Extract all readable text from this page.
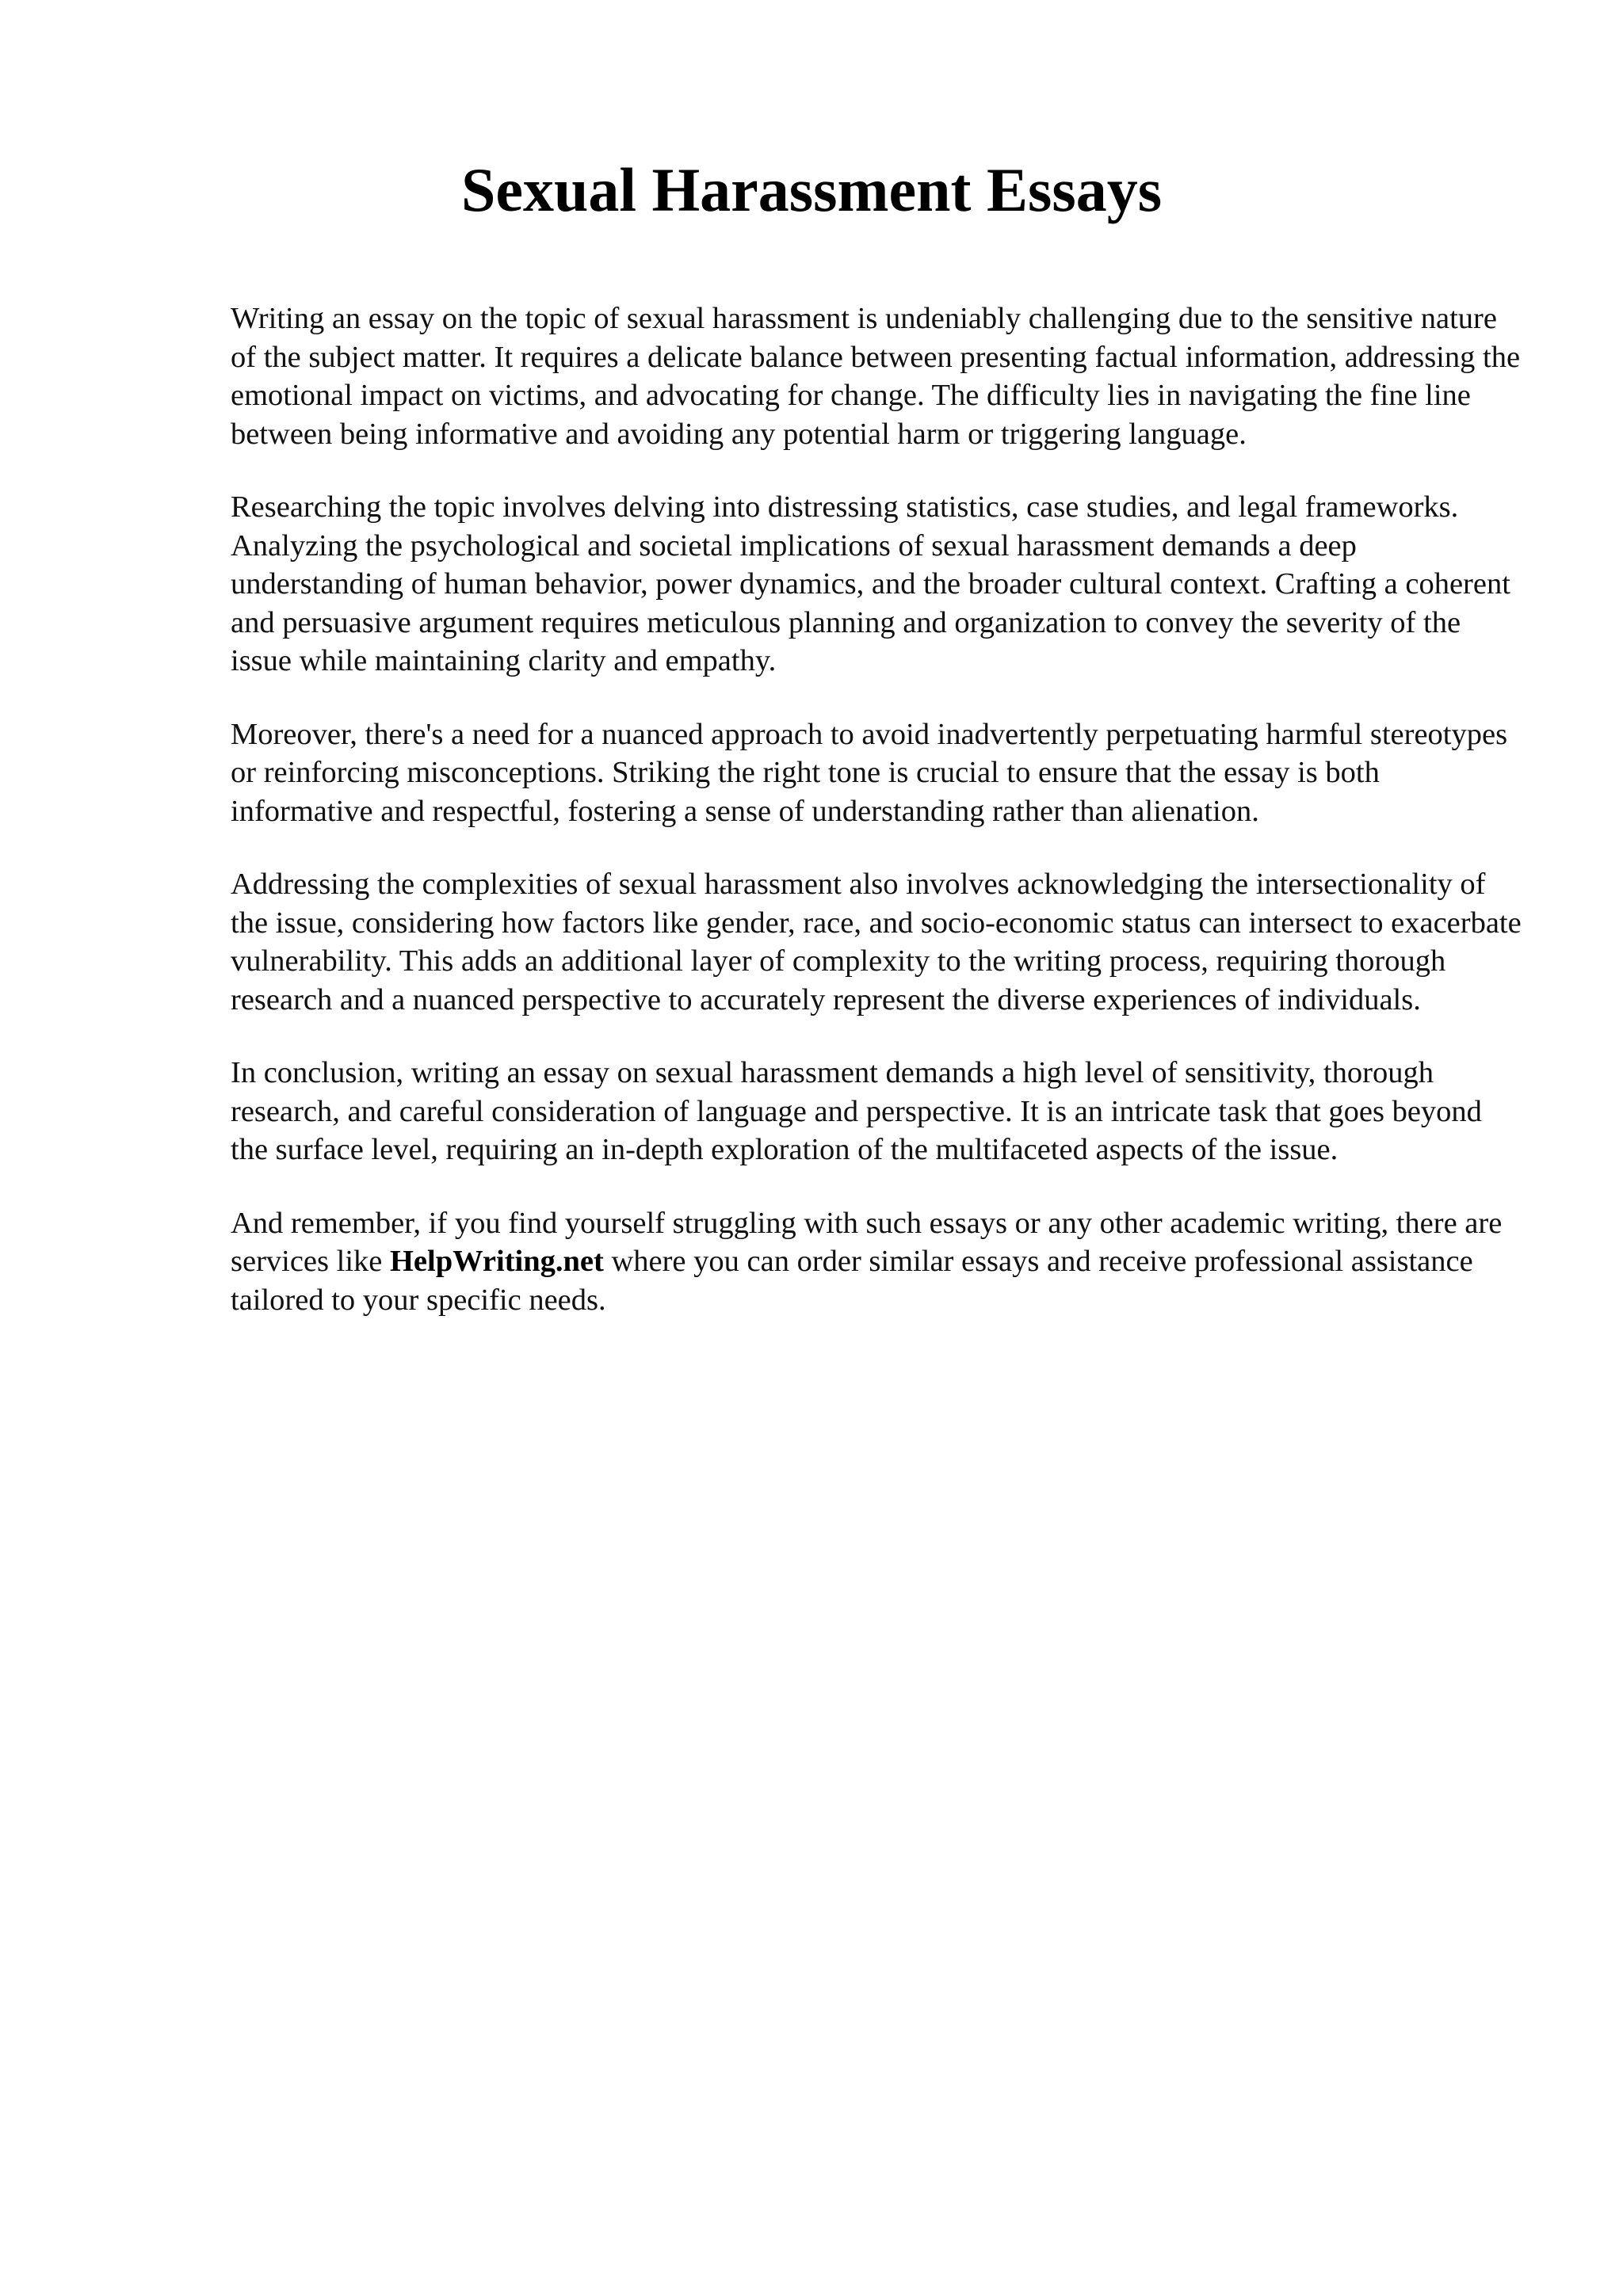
Sexual Harassment Essays

Writing an essay on the topic of sexual harassment is undeniably challenging due to the sensitive nature of the subject matter. It requires a delicate balance between presenting factual information, addressing the emotional impact on victims, and advocating for change. The difficulty lies in navigating the fine line between being informative and avoiding any potential harm or triggering language.

Researching the topic involves delving into distressing statistics, case studies, and legal frameworks. Analyzing the psychological and societal implications of sexual harassment demands a deep understanding of human behavior, power dynamics, and the broader cultural context. Crafting a coherent and persuasive argument requires meticulous planning and organization to convey the severity of the issue while maintaining clarity and empathy.

Moreover, there's a need for a nuanced approach to avoid inadvertently perpetuating harmful stereotypes or reinforcing misconceptions. Striking the right tone is crucial to ensure that the essay is both informative and respectful, fostering a sense of understanding rather than alienation.

Addressing the complexities of sexual harassment also involves acknowledging the intersectionality of the issue, considering how factors like gender, race, and socio-economic status can intersect to exacerbate vulnerability. This adds an additional layer of complexity to the writing process, requiring thorough research and a nuanced perspective to accurately represent the diverse experiences of individuals.

In conclusion, writing an essay on sexual harassment demands a high level of sensitivity, thorough research, and careful consideration of language and perspective. It is an intricate task that goes beyond the surface level, requiring an in-depth exploration of the multifaceted aspects of the issue.

And remember, if you find yourself struggling with such essays or any other academic writing, there are services like HelpWriting.net where you can order similar essays and receive professional assistance tailored to your specific needs.
